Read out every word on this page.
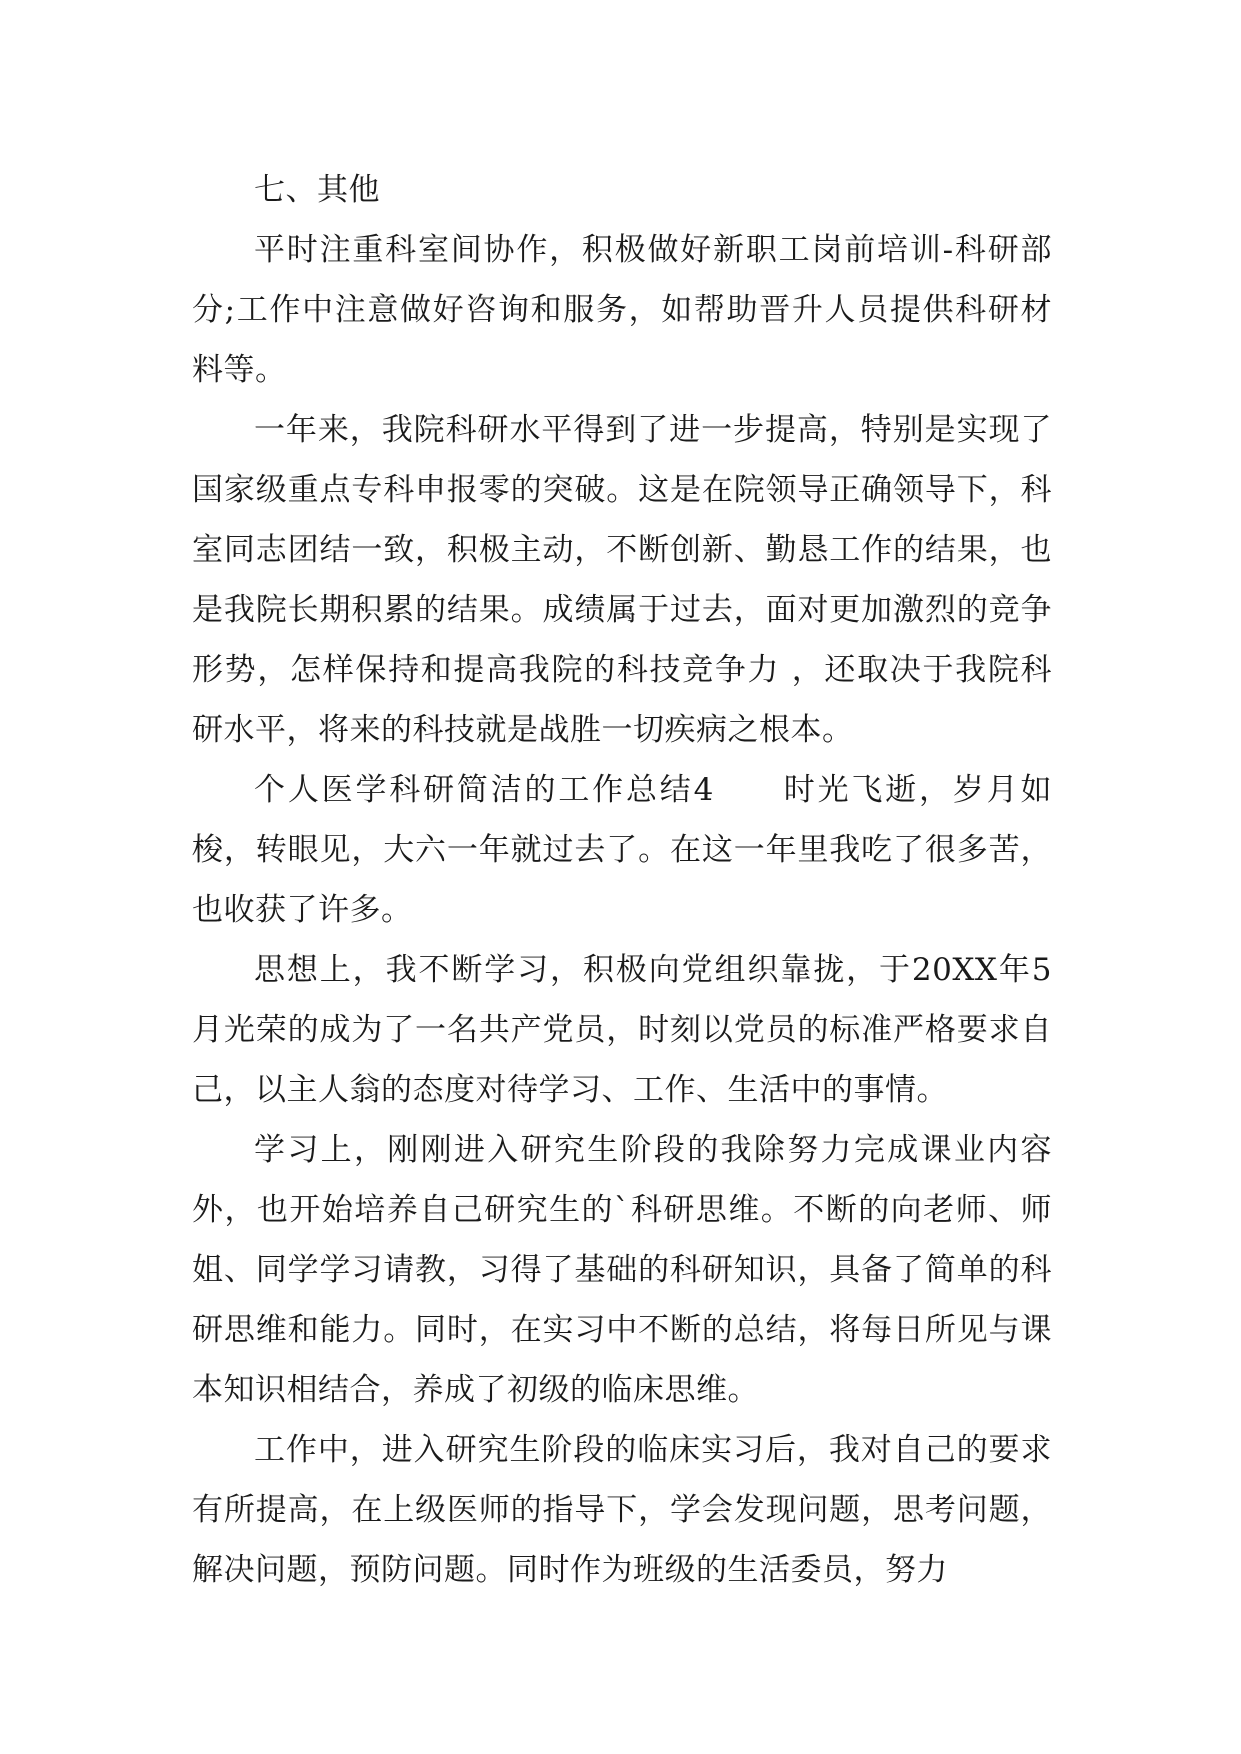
七、其他

平时注重科室间协作，积极做好新职工岗前培训-科研部分;工作中注意做好咨询和服务，如帮助晋升人员提供科研材料等。

一年来，我院科研水平得到了进一步提高，特别是实现了国家级重点专科申报零的突破。这是在院领导正确领导下，科室同志团结一致，积极主动，不断创新、勤恳工作的结果，也是我院长期积累的结果。成绩属于过去，面对更加激烈的竞争形势，怎样保持和提高我院的科技竞争力 ，还取决于我院科研水平，将来的科技就是战胜一切疾病之根本。

个人医学科研简洁的工作总结4　　时光飞逝，岁月如梭，转眼见，大六一年就过去了。在这一年里我吃了很多苦，也收获了许多。

思想上，我不断学习，积极向党组织靠拢，于20XX年5月光荣的成为了一名共产党员，时刻以党员的标准严格要求自己，以主人翁的态度对待学习、工作、生活中的事情。

学习上，刚刚进入研究生阶段的我除努力完成课业内容外，也开始培养自己研究生的`科研思维。不断的向老师、师姐、同学学习请教，习得了基础的科研知识，具备了简单的科研思维和能力。同时，在实习中不断的总结，将每日所见与课本知识相结合，养成了初级的临床思维。

工作中，进入研究生阶段的临床实习后，我对自己的要求有所提高，在上级医师的指导下，学会发现问题，思考问题，解决问题，预防问题。同时作为班级的生活委员，努力
